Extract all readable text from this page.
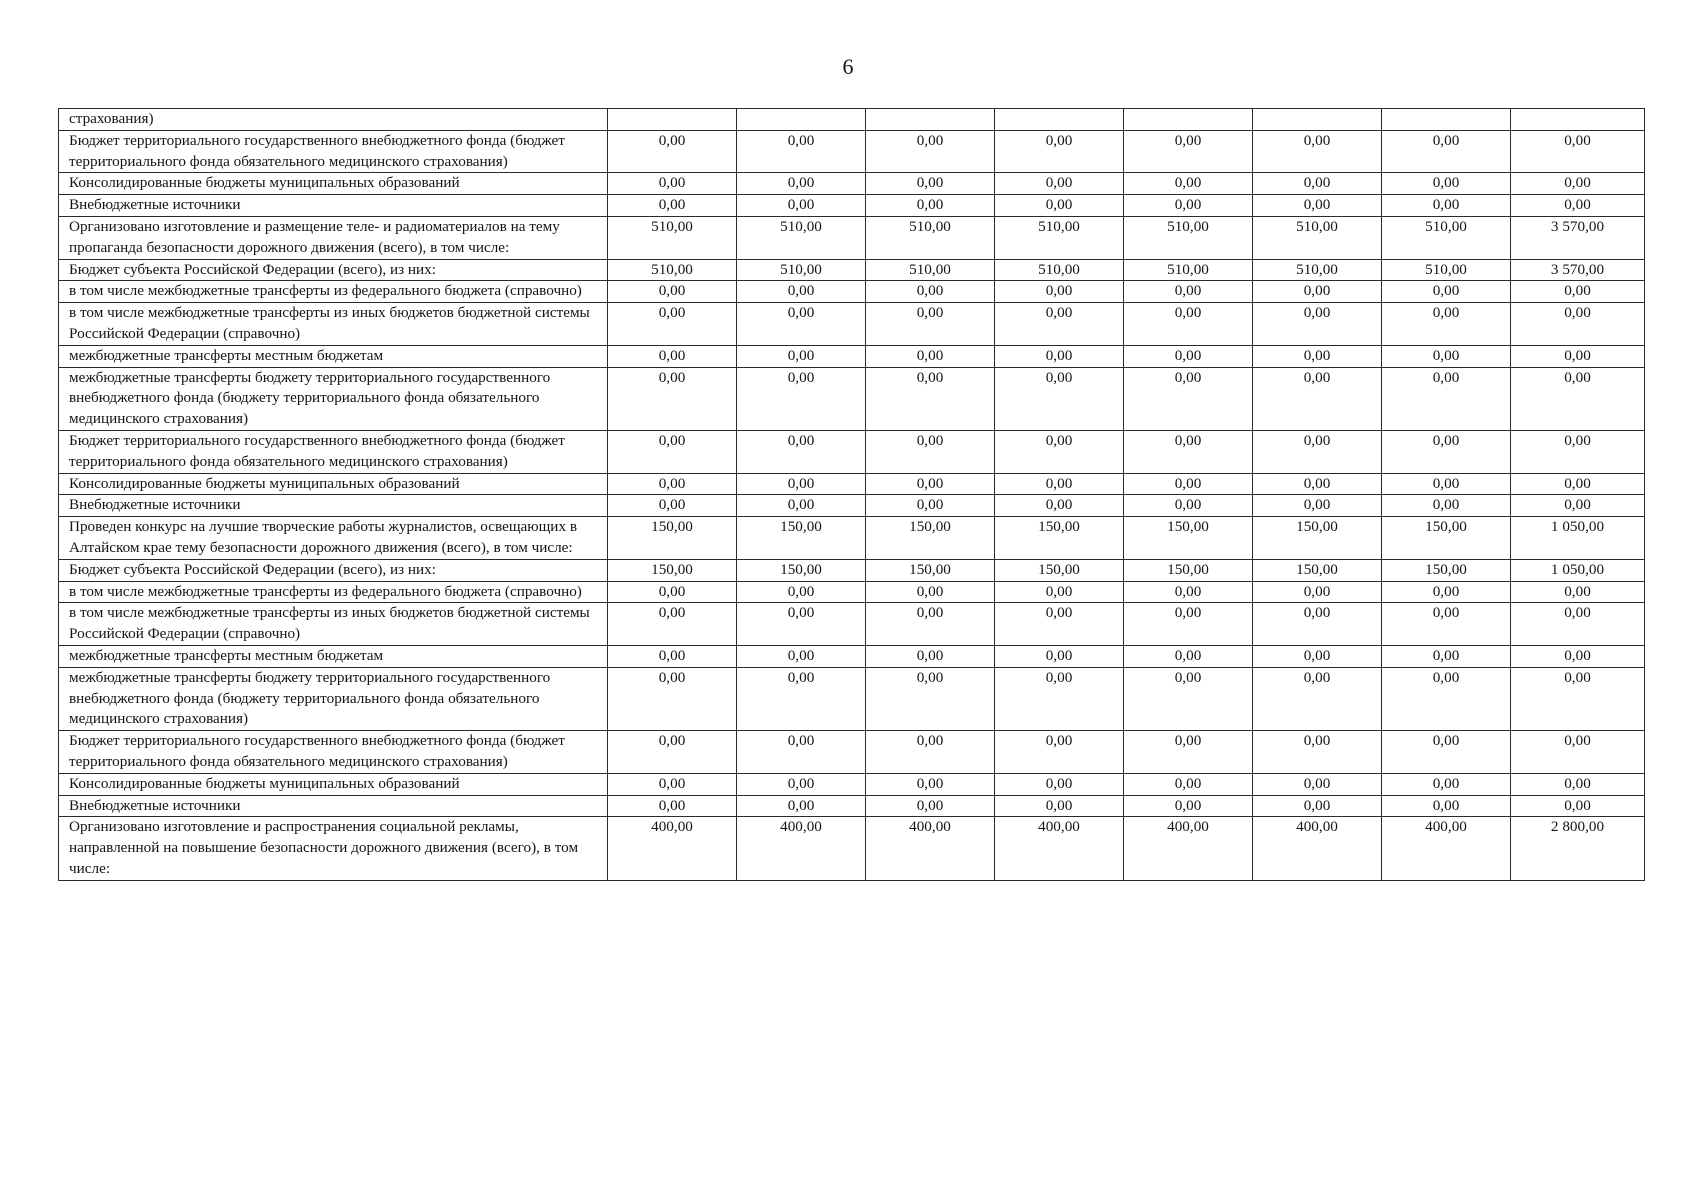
6
страхования)								
Бюджет территориального государственного внебюджетного фонда (бюджет территориального фонда обязательного медицинского страхования)	0,00	0,00	0,00	0,00	0,00	0,00	0,00	0,00
Консолидированные бюджеты муниципальных образований	0,00	0,00	0,00	0,00	0,00	0,00	0,00	0,00
Внебюджетные источники	0,00	0,00	0,00	0,00	0,00	0,00	0,00	0,00
Организовано изготовление и размещение теле- и радиоматериалов на тему пропаганда безопасности дорожного движения (всего), в том числе:	510,00	510,00	510,00	510,00	510,00	510,00	510,00	3 570,00
Бюджет субъекта Российской Федерации (всего), из них:	510,00	510,00	510,00	510,00	510,00	510,00	510,00	3 570,00
в том числе межбюджетные трансферты из федерального бюджета (справочно)	0,00	0,00	0,00	0,00	0,00	0,00	0,00	0,00
в том числе межбюджетные трансферты из иных бюджетов бюджетной системы Российской Федерации (справочно)	0,00	0,00	0,00	0,00	0,00	0,00	0,00	0,00
межбюджетные трансферты местным бюджетам	0,00	0,00	0,00	0,00	0,00	0,00	0,00	0,00
межбюджетные трансферты бюджету территориального государственного внебюджетного фонда (бюджету территориального фонда обязательного медицинского страхования)	0,00	0,00	0,00	0,00	0,00	0,00	0,00	0,00
Бюджет территориального государственного внебюджетного фонда (бюджет территориального фонда обязательного медицинского страхования)	0,00	0,00	0,00	0,00	0,00	0,00	0,00	0,00
Консолидированные бюджеты муниципальных образований	0,00	0,00	0,00	0,00	0,00	0,00	0,00	0,00
Внебюджетные источники	0,00	0,00	0,00	0,00	0,00	0,00	0,00	0,00
Проведен конкурс на лучшие творческие работы журналистов, освещающих в Алтайском крае тему безопасности дорожного движения (всего), в том числе:	150,00	150,00	150,00	150,00	150,00	150,00	150,00	1 050,00
Бюджет субъекта Российской Федерации (всего), из них:	150,00	150,00	150,00	150,00	150,00	150,00	150,00	1 050,00
в том числе межбюджетные трансферты из федерального бюджета (справочно)	0,00	0,00	0,00	0,00	0,00	0,00	0,00	0,00
в том числе межбюджетные трансферты из иных бюджетов бюджетной системы Российской Федерации (справочно)	0,00	0,00	0,00	0,00	0,00	0,00	0,00	0,00
межбюджетные трансферты местным бюджетам	0,00	0,00	0,00	0,00	0,00	0,00	0,00	0,00
межбюджетные трансферты бюджету территориального государственного внебюджетного фонда (бюджету территориального фонда обязательного медицинского страхования)	0,00	0,00	0,00	0,00	0,00	0,00	0,00	0,00
Бюджет территориального государственного внебюджетного фонда (бюджет территориального фонда обязательного медицинского страхования)	0,00	0,00	0,00	0,00	0,00	0,00	0,00	0,00
Консолидированные бюджеты муниципальных образований	0,00	0,00	0,00	0,00	0,00	0,00	0,00	0,00
Внебюджетные источники	0,00	0,00	0,00	0,00	0,00	0,00	0,00	0,00
Организовано изготовление и распространения социальной рекламы, направленной на повышение безопасности дорожного движения (всего), в том числе:	400,00	400,00	400,00	400,00	400,00	400,00	400,00	2 800,00
